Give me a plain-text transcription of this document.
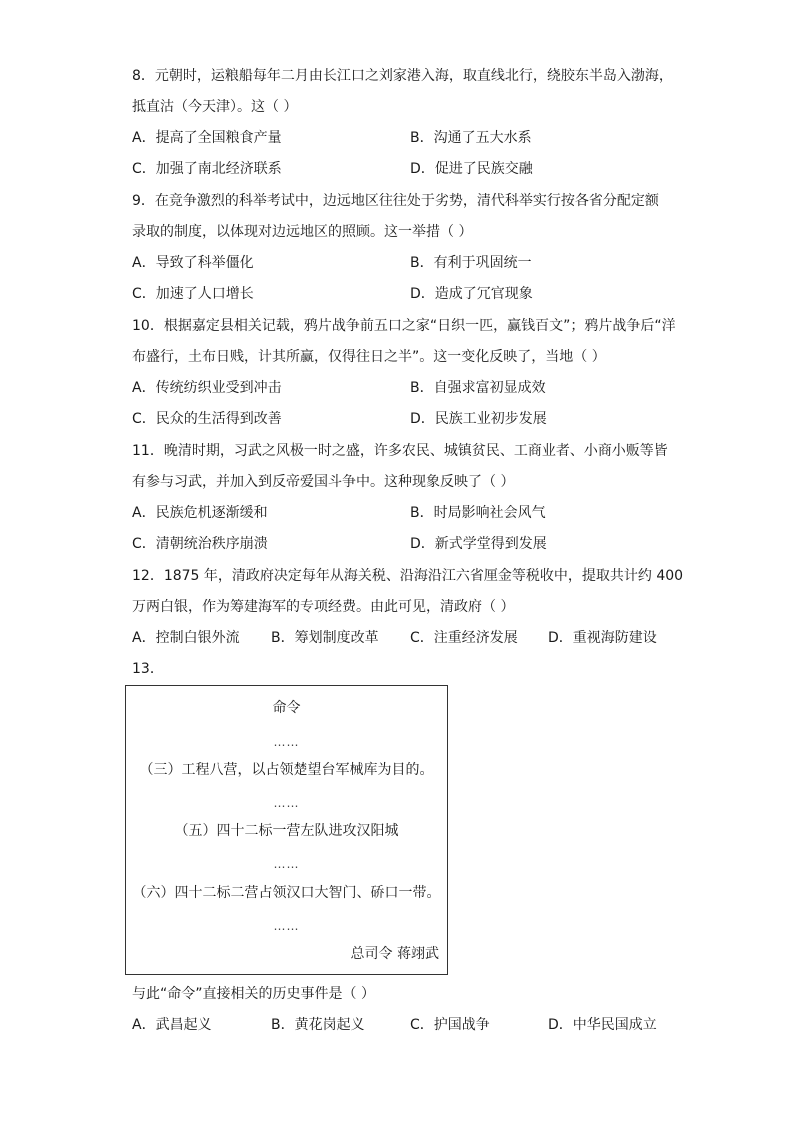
8．元朝时，运粮船每年二月由长江口之刘家港入海，取直线北行，绕胶东半岛入渤海，
抵直沽（今天津）。这（ ）
A．提高了全国粮食产量	B．沟通了五大水系
C．加强了南北经济联系	D．促进了民族交融
9．在竞争激烈的科举考试中，边远地区往往处于劣势，清代科举实行按各省分配定额
录取的制度，以体现对边远地区的照顾。这一举措（ ）
A．导致了科举僵化	B．有利于巩固统一
C．加速了人口增长	D．造成了冗官现象
10．根据嘉定县相关记载，鸦片战争前五口之家“日织一匹，赢钱百文”；鸦片战争后“洋
布盛行，土布日贱，计其所赢，仅得往日之半”。这一变化反映了，当地（ ）
A．传统纺织业受到冲击	B．自强求富初显成效
C．民众的生活得到改善	D．民族工业初步发展
11．晚清时期，习武之风极一时之盛，许多农民、城镇贫民、工商业者、小商小贩等皆
有参与习武，并加入到反帝爱国斗争中。这种现象反映了（ ）
A．民族危机逐渐缓和	B．时局影响社会风气
C．清朝统治秩序崩溃	D．新式学堂得到发展
12．1875 年，清政府决定每年从海关税、沿海沿江六省厘金等税收中，提取共计约 400
万两白银，作为筹建海军的专项经费。由此可见，清政府（ ）
A．控制白银外流 B．筹划制度改革 C．注重经济发展 D．重视海防建设
13．
命令
……
（三）工程八营，以占领楚望台军械库为目的。
……
（五）四十二标一营左队进攻汉阳城
……
（六）四十二标二营占领汉口大智门、硚口一带。
……
总司令 蒋翊武
与此“命令”直接相关的历史事件是（ ）
A．武昌起义	B．黄花岗起义	C．护国战争	D．中华民国成立
